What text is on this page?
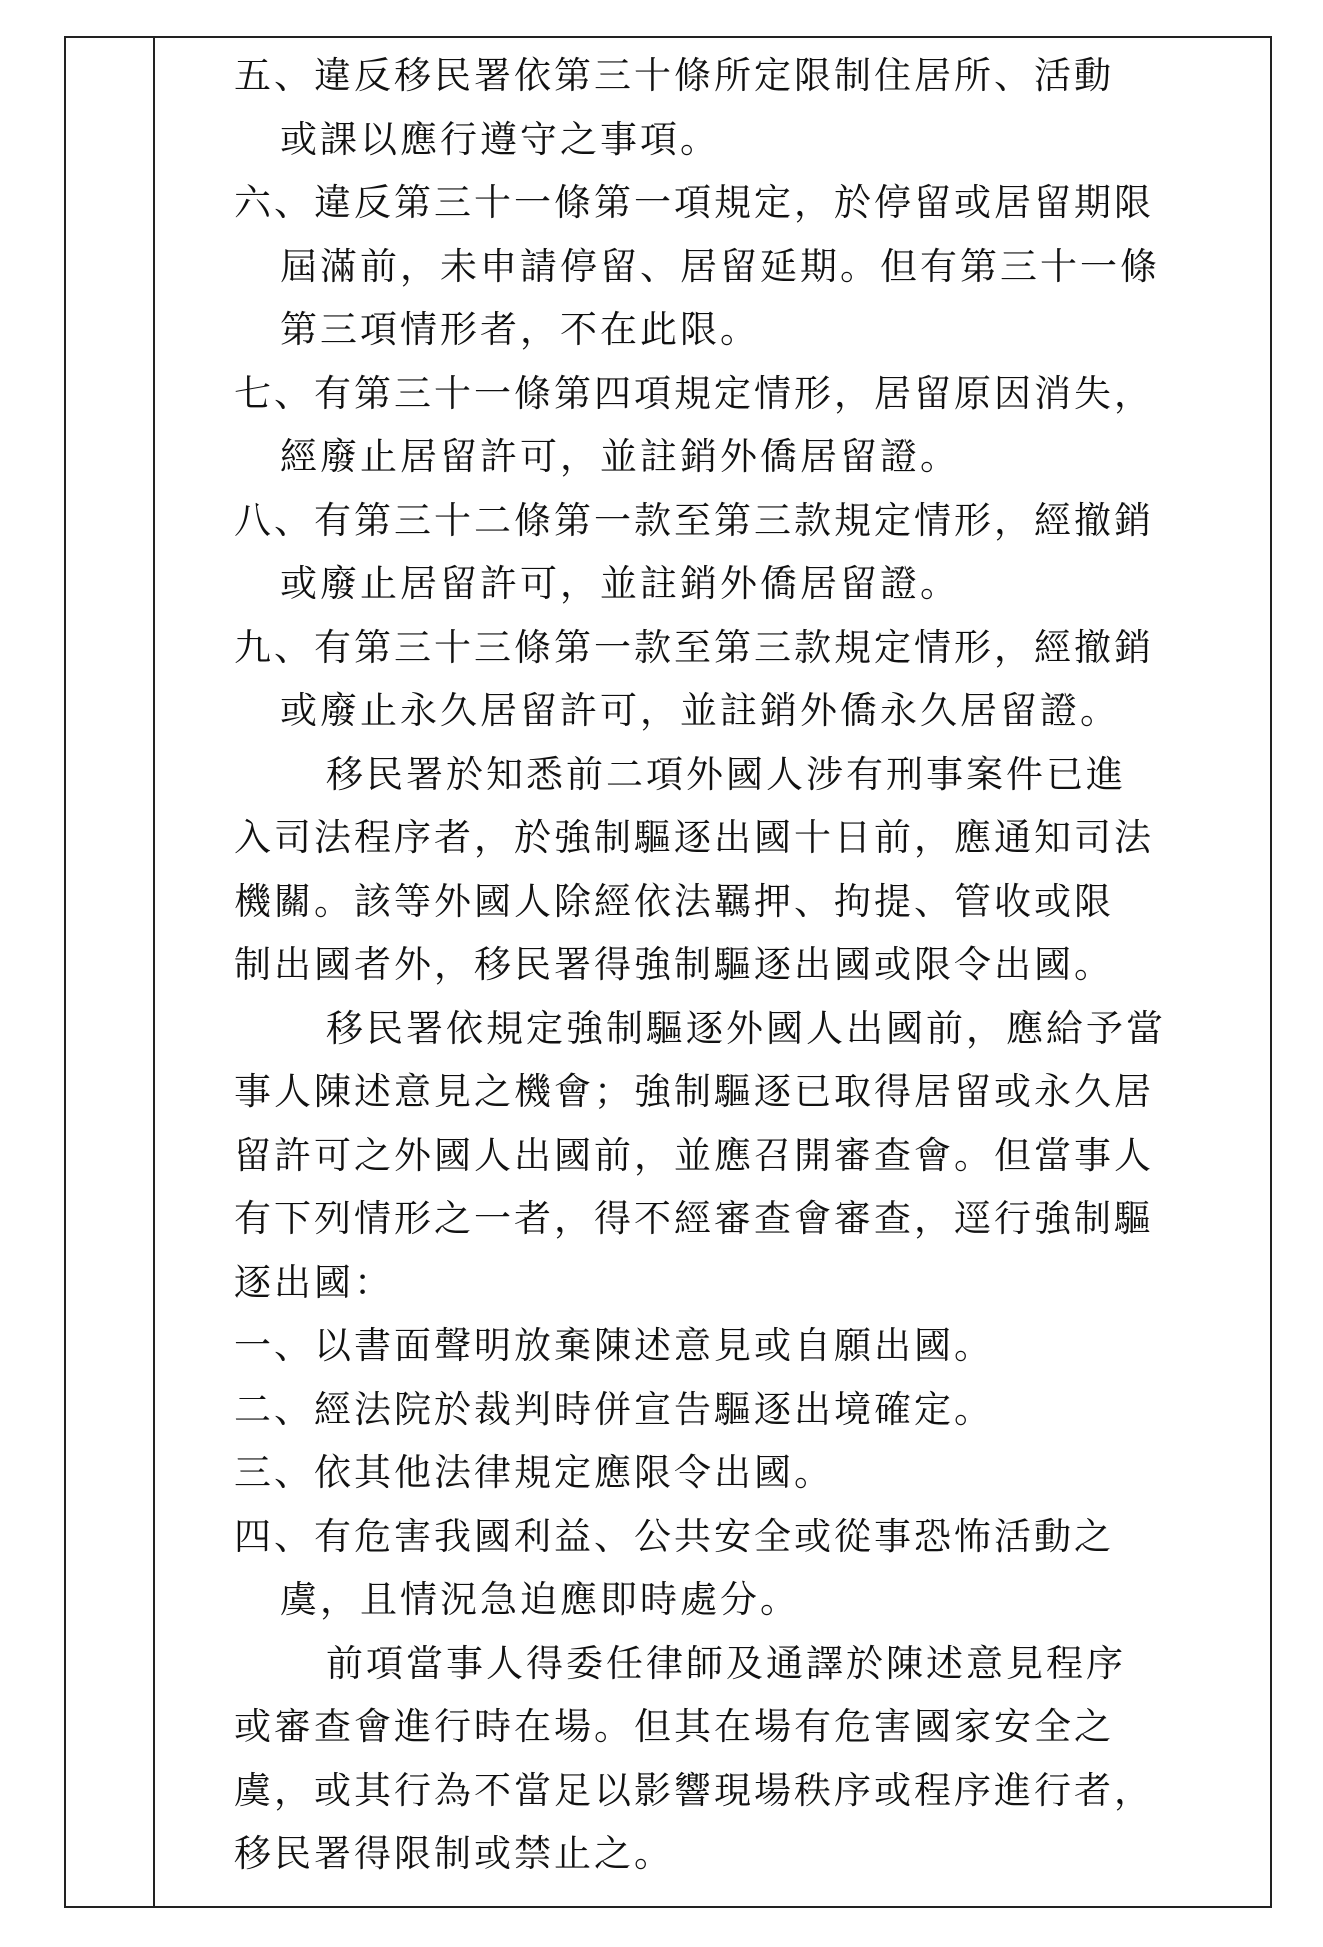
五、違反移民署依第三十條所定限制住居所、活動
或課以應行遵守之事項。
六、違反第三十一條第一項規定，於停留或居留期限
屆滿前，未申請停留、居留延期。但有第三十一條
第三項情形者，不在此限。
七、有第三十一條第四項規定情形，居留原因消失，
經廢止居留許可，並註銷外僑居留證。
八、有第三十二條第一款至第三款規定情形，經撤銷
或廢止居留許可，並註銷外僑居留證。
九、有第三十三條第一款至第三款規定情形，經撤銷
或廢止永久居留許可，並註銷外僑永久居留證。
移民署於知悉前二項外國人涉有刑事案件已進
入司法程序者，於強制驅逐出國十日前，應通知司法
機關。該等外國人除經依法羈押、拘提、管收或限
制出國者外，移民署得強制驅逐出國或限令出國。
移民署依規定強制驅逐外國人出國前，應給予當
事人陳述意見之機會；強制驅逐已取得居留或永久居
留許可之外國人出國前，並應召開審查會。但當事人
有下列情形之一者，得不經審查會審查，逕行強制驅
逐出國：
一、以書面聲明放棄陳述意見或自願出國。
二、經法院於裁判時併宣告驅逐出境確定。
三、依其他法律規定應限令出國。
四、有危害我國利益、公共安全或從事恐怖活動之
虞，且情況急迫應即時處分。
前項當事人得委任律師及通譯於陳述意見程序
或審查會進行時在場。但其在場有危害國家安全之
虞，或其行為不當足以影響現場秩序或程序進行者，
移民署得限制或禁止之。
